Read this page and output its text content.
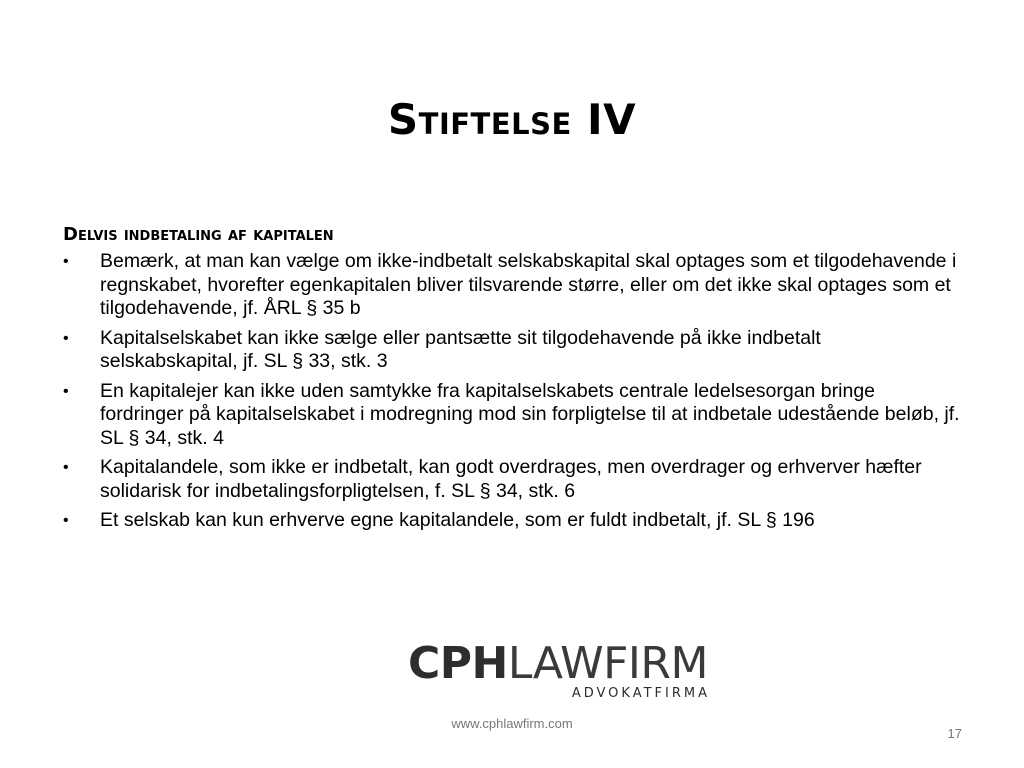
Stiftelse IV
Delvis indbetaling af kapitalen
• Bemærk, at man kan vælge om ikke-indbetalt selskabskapital skal optages som et tilgodehavende i regnskabet, hvorefter egenkapitalen bliver tilsvarende større, eller om det ikke skal optages som et tilgodehavende, jf. ÅRL § 35 b
• Kapitalselskabet kan ikke sælge eller pantsætte sit tilgodehavende på ikke indbetalt selskabskapital, jf. SL § 33, stk. 3
• En kapitalejer kan ikke uden samtykke fra kapitalselskabets centrale ledelsesorgan bringe fordringer på kapitalselskabet i modregning mod sin forpligtelse til at indbetale udestående beløb, jf. SL § 34, stk. 4
• Kapitalandele, som ikke er indbetalt, kan godt overdrages, men overdrager og erhverver hæfter solidarisk for indbetalingsforpligtelsen, f. SL § 34, stk. 6
• Et selskab kan kun erhverve egne kapitalandele, som er fuldt indbetalt, jf. SL § 196
CPHLAWFIRM
ADVOKATFIRMA
www.cphlawfirm.com
17
